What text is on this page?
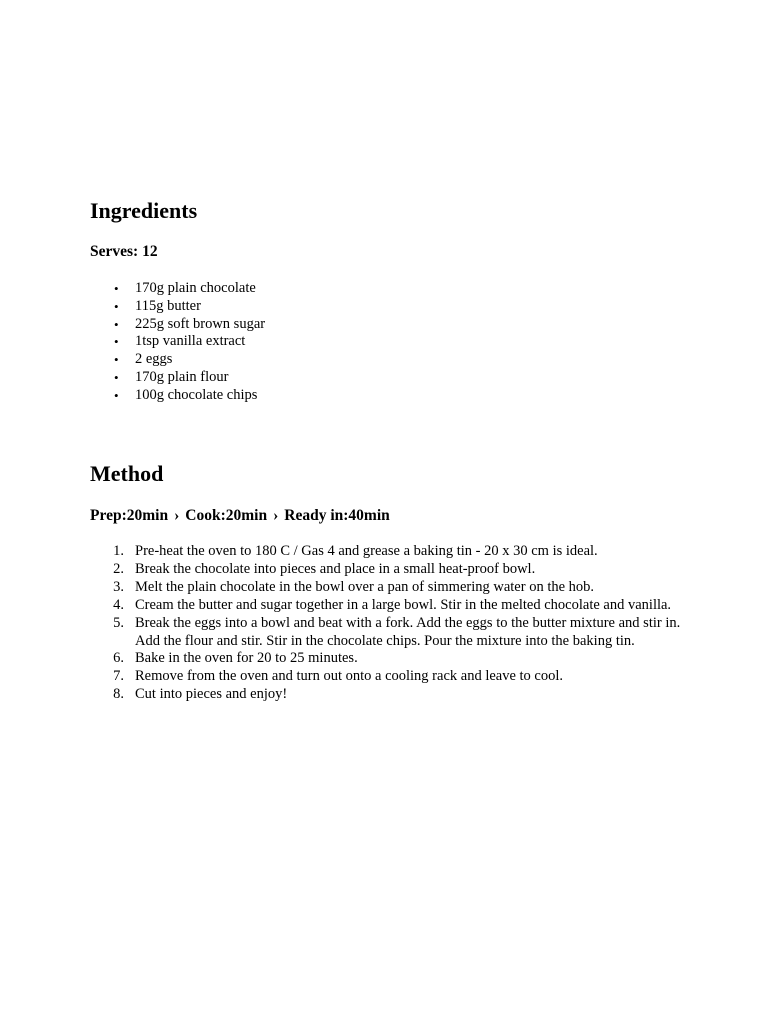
Ingredients
Serves: 12
• 170g plain chocolate
• 115g butter
• 225g soft brown sugar
• 1tsp vanilla extract
• 2 eggs
• 170g plain flour
• 100g chocolate chips
Method
Prep:20min › Cook:20min › Ready in:40min
1. Pre-heat the oven to 180 C / Gas 4 and grease a baking tin - 20 x 30 cm is ideal.
2. Break the chocolate into pieces and place in a small heat-proof bowl.
3. Melt the plain chocolate in the bowl over a pan of simmering water on the hob.
4. Cream the butter and sugar together in a large bowl. Stir in the melted chocolate and vanilla.
5. Break the eggs into a bowl and beat with a fork. Add the eggs to the butter mixture and stir in. Add the flour and stir. Stir in the chocolate chips. Pour the mixture into the baking tin.
6. Bake in the oven for 20 to 25 minutes.
7. Remove from the oven and turn out onto a cooling rack and leave to cool.
8. Cut into pieces and enjoy!
